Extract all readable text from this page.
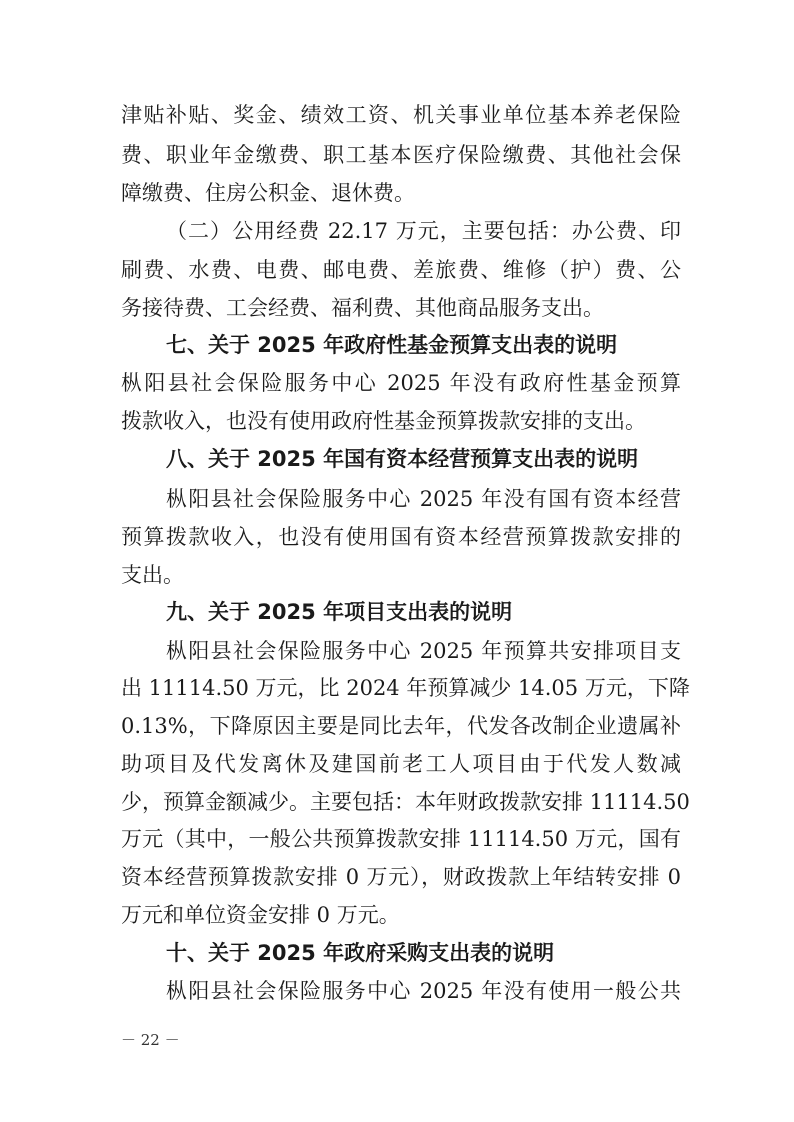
津贴补贴、奖金、绩效工资、机关事业单位基本养老保险
费、职业年金缴费、职工基本医疗保险缴费、其他社会保
障缴费、住房公积金、退休费。
（二）公用经费 22.17 万元，主要包括：办公费、印
刷费、水费、电费、邮电费、差旅费、维修（护）费、公
务接待费、工会经费、福利费、其他商品服务支出。
七、关于 2025 年政府性基金预算支出表的说明
枞阳县社会保险服务中心 2025 年没有政府性基金预算
拨款收入，也没有使用政府性基金预算拨款安排的支出。
八、关于 2025 年国有资本经营预算支出表的说明
枞阳县社会保险服务中心 2025 年没有国有资本经营
预算拨款收入，也没有使用国有资本经营预算拨款安排的
支出。
九、关于 2025 年项目支出表的说明
枞阳县社会保险服务中心 2025 年预算共安排项目支
出 11114.50 万元，比 2024 年预算减少 14.05 万元，下降
0.13%，下降原因主要是同比去年，代发各改制企业遗属补
助项目及代发离休及建国前老工人项目由于代发人数减
少，预算金额减少。主要包括：本年财政拨款安排 11114.50
万元（其中，一般公共预算拨款安排 11114.50 万元，国有
资本经营预算拨款安排 0 万元），财政拨款上年结转安排 0
万元和单位资金安排 0 万元。
十、关于 2025 年政府采购支出表的说明
枞阳县社会保险服务中心 2025 年没有使用一般公共
－ 22 －
